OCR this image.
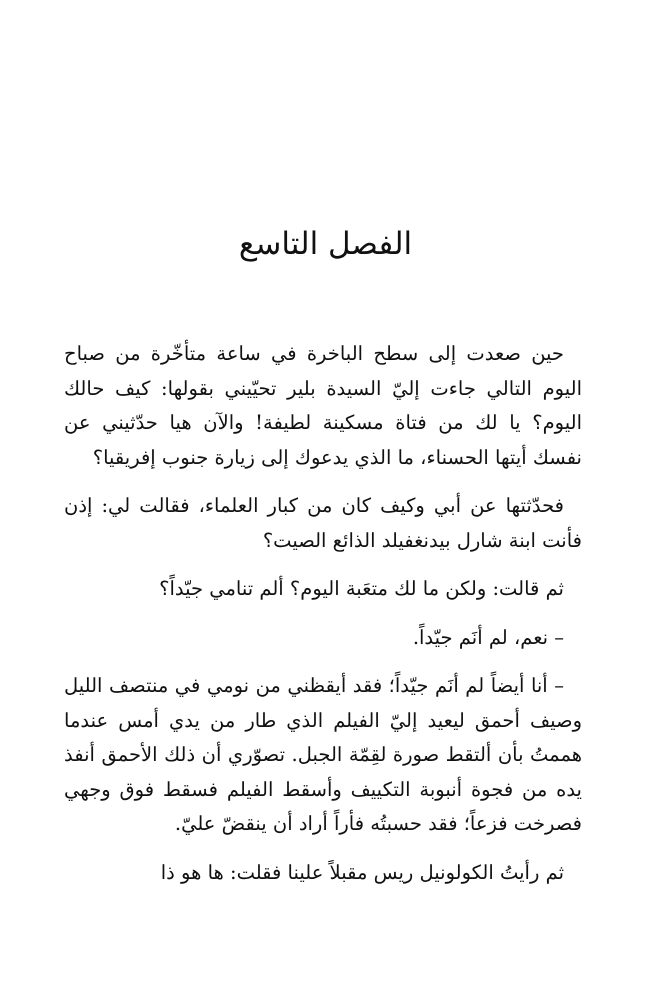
الفصل التاسع

حين صعدت إلى سطح الباخرة في ساعة متأخّرة من صباح اليوم التالي جاءت إليّ السيدة بلير تحيّيني بقولها: كيف حالك اليوم؟ يا لك من فتاة مسكينة لطيفة! والآن هيا حدّثيني عن نفسك أيتها الحسناء، ما الذي يدعوك إلى زيارة جنوب إفريقيا؟

فحدّثتها عن أبي وكيف كان من كبار العلماء، فقالت لي: إذن فأنت ابنة شارل بيدنغفيلد الذائع الصيت؟

ثم قالت: ولكن ما لك متعَبة اليوم؟ ألم تنامي جيّداً؟

– نعم، لم أنَم جيّداً.

– أنا أيضاً لم أنَم جيّداً؛ فقد أيقظني من نومي في منتصف الليل وصيف أحمق ليعيد إليّ الفيلم الذي طار من يدي أمس عندما هممتُ بأن ألتقط صورة لقِمّة الجبل. تصوّري أن ذلك الأحمق أنفذ يده من فجوة أنبوبة التكييف وأسقط الفيلم فسقط فوق وجهي فصرخت فزعاً؛ فقد حسبتُه فأراً أراد أن ينقضّ عليّ.

ثم رأيتُ الكولونيل ريس مقبلاً علينا فقلت: ها هو ذا
